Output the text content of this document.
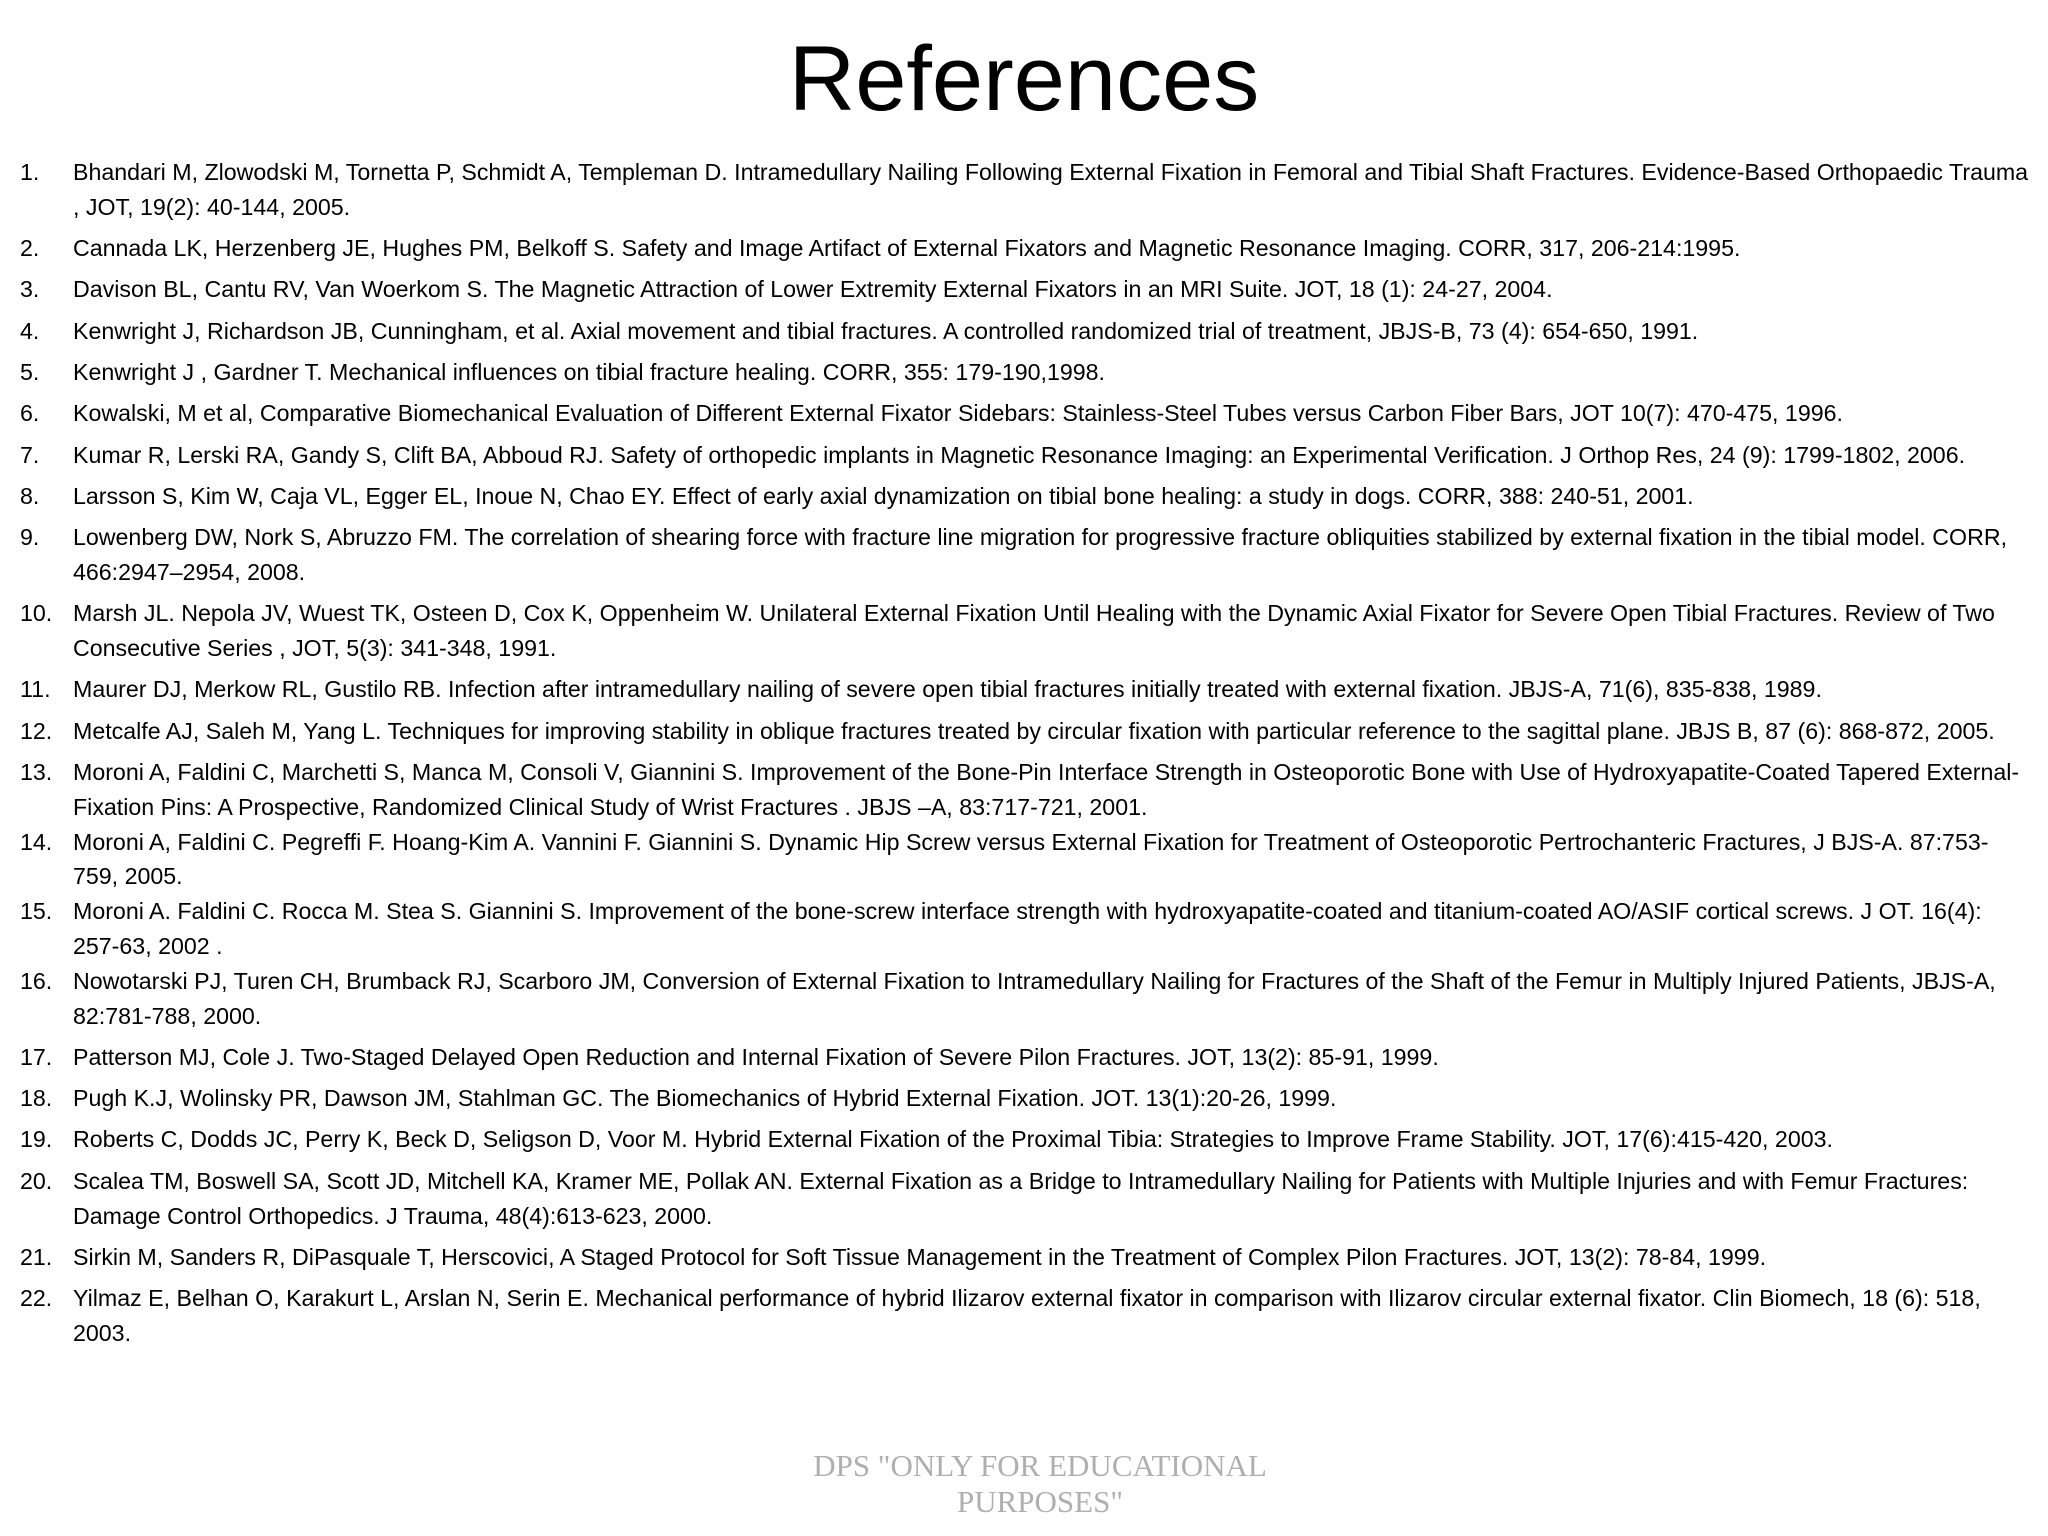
References
1.	Bhandari M, Zlowodski M, Tornetta P, Schmidt A, Templeman D. Intramedullary Nailing Following External Fixation in Femoral and Tibial Shaft Fractures. Evidence-Based Orthopaedic Trauma , JOT, 19(2): 40-144, 2005.
2.	Cannada LK, Herzenberg JE, Hughes PM, Belkoff S. Safety and Image Artifact of External Fixators and Magnetic Resonance Imaging. CORR, 317, 206-214:1995.
3.	Davison BL, Cantu RV, Van Woerkom S. The Magnetic Attraction of Lower Extremity External Fixators in an MRI Suite. JOT, 18 (1): 24-27, 2004.
4.	Kenwright J, Richardson JB, Cunningham, et al. Axial movement and tibial fractures. A controlled randomized trial of treatment, JBJS-B, 73 (4): 654-650, 1991.
5.	Kenwright J , Gardner T. Mechanical influences on tibial fracture healing. CORR, 355: 179-190,1998.
6.	Kowalski, M et al, Comparative Biomechanical Evaluation of Different External Fixator Sidebars: Stainless-Steel Tubes versus Carbon Fiber Bars, JOT 10(7): 470-475, 1996.
7.	Kumar R, Lerski RA, Gandy S, Clift BA, Abboud RJ. Safety of orthopedic implants in Magnetic Resonance Imaging: an Experimental Verification. J Orthop Res, 24 (9): 1799-1802, 2006.
8.	Larsson S, Kim W, Caja VL, Egger EL, Inoue N, Chao EY. Effect of early axial dynamization on tibial bone healing: a study in dogs. CORR, 388: 240-51, 2001.
9.	Lowenberg DW, Nork S, Abruzzo FM. The correlation of shearing force with fracture line migration for progressive fracture obliquities stabilized by external fixation in the tibial model. CORR, 466:2947–2954, 2008.
10. Marsh JL. Nepola JV, Wuest TK, Osteen D, Cox K, Oppenheim W. Unilateral External Fixation Until Healing with the Dynamic Axial Fixator for Severe Open Tibial Fractures. Review of Two Consecutive Series , JOT, 5(3): 341-348, 1991.
11. Maurer DJ, Merkow RL, Gustilo RB. Infection after intramedullary nailing of severe open tibial fractures initially treated with external fixation. JBJS-A, 71(6), 835-838, 1989.
12. Metcalfe AJ, Saleh M, Yang L. Techniques for improving stability in oblique fractures treated by circular fixation with particular reference to the sagittal plane. JBJS B, 87 (6): 868-872, 2005.
13. Moroni A, Faldini C, Marchetti S, Manca M, Consoli V, Giannini S. Improvement of the Bone-Pin Interface Strength in Osteoporotic Bone with Use of Hydroxyapatite-Coated Tapered External-Fixation Pins: A Prospective, Randomized Clinical Study of Wrist Fractures . JBJS –A, 83:717-721, 2001.
14. Moroni A, Faldini C. Pegreffi F. Hoang-Kim A. Vannini F. Giannini S. Dynamic Hip Screw versus External Fixation for Treatment of Osteoporotic Pertrochanteric Fractures, J BJS-A. 87:753-759, 2005.
15. Moroni A. Faldini C. Rocca M. Stea S. Giannini S. Improvement of the bone-screw interface strength with hydroxyapatite-coated and titanium-coated AO/ASIF cortical screws. J OT. 16(4): 257-63, 2002 .
16. Nowotarski PJ, Turen CH, Brumback RJ, Scarboro JM, Conversion of External Fixation to Intramedullary Nailing for Fractures of the Shaft of the Femur in Multiply Injured Patients, JBJS-A, 82:781-788, 2000.
17. Patterson MJ, Cole J. Two-Staged Delayed Open Reduction and Internal Fixation of Severe Pilon Fractures. JOT, 13(2): 85-91, 1999.
18. Pugh K.J, Wolinsky PR, Dawson JM, Stahlman GC. The Biomechanics of Hybrid External Fixation. JOT. 13(1):20-26, 1999.
19. Roberts C, Dodds JC, Perry K, Beck D, Seligson D, Voor M. Hybrid External Fixation of the Proximal Tibia: Strategies to Improve Frame Stability. JOT, 17(6):415-420, 2003.
20. Scalea TM, Boswell SA, Scott JD, Mitchell KA, Kramer ME, Pollak AN. External Fixation as a Bridge to Intramedullary Nailing for Patients with Multiple Injuries and with Femur Fractures: Damage Control Orthopedics. J Trauma, 48(4):613-623, 2000.
21. Sirkin M, Sanders R, DiPasquale T, Herscovici, A Staged Protocol for Soft Tissue Management in the Treatment of Complex Pilon Fractures. JOT, 13(2): 78-84, 1999.
22. Yilmaz E, Belhan O, Karakurt L, Arslan N, Serin E. Mechanical performance of hybrid Ilizarov external fixator in comparison with Ilizarov circular external fixator. Clin Biomech, 18 (6): 518, 2003.
DPS "ONLY FOR EDUCATIONAL
PURPOSES"
